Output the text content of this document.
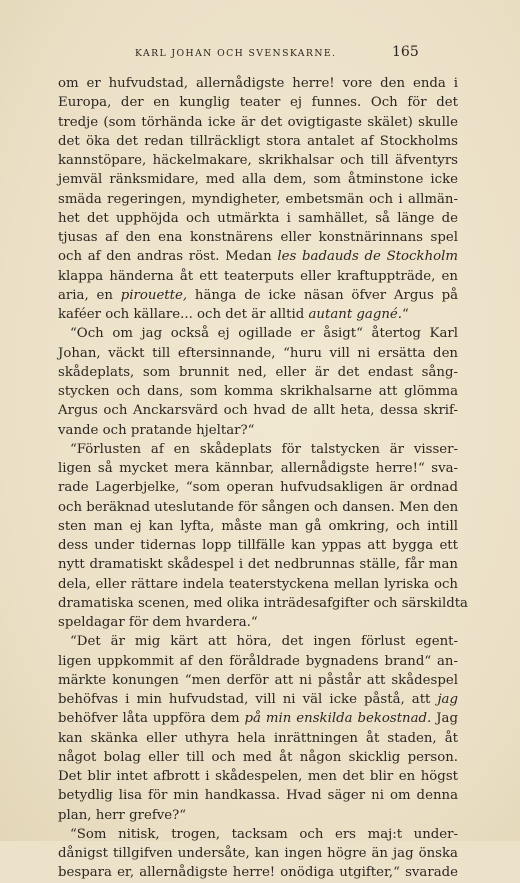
KARL JOHAN OCH SVENSKARNE.	165
om er hufvudstad, allernådigste herre! vore den enda i
Europa, der en kunglig teater ej funnes. Och för det
tredje (som törhända icke är det ovigtigaste skälet) skulle
det öka det redan tillräckligt stora antalet af Stockholms
kannstöpare, häckelmakare, skrikhalsar och till äfventyrs
jemväl ränksmidare, med alla dem, som åtminstone icke
smäda regeringen, myndigheter, embetsmän och i allmän-
het det upphöjda och utmärkta i samhället, så länge de
tjusas af den ena konstnärens eller konstnärinnans spel
och af den andras röst. Medan les badauds de Stockholm
klappa händerna åt ett teaterputs eller kraftuppträde, en
aria, en pirouette, hänga de icke näsan öfver Argus på
kaféer och källare... och det är alltid autant gagné.“
“Och om jag också ej ogillade er åsigt“ återtog Karl
Johan, väckt till eftersinnande, “huru vill ni ersätta den
skådeplats, som brunnit ned, eller är det endast sång-
stycken och dans, som komma skrikhalsarne att glömma
Argus och Anckarsvärd och hvad de allt heta, dessa skrif-
vande och pratande hjeltar?“
“Förlusten af en skådeplats för talstycken är visser-
ligen så mycket mera kännbar, allernådigste herre!“ sva-
rade Lagerbjelke, “som operan hufvudsakligen är ordnad
och beräknad uteslutande för sången och dansen. Men den
sten man ej kan lyfta, måste man gå omkring, och intill
dess under tidernas lopp tillfälle kan yppas att bygga ett
nytt dramatiskt skådespel i det nedbrunnas ställe, får man
dela, eller rättare indela teaterstyckena mellan lyriska och
dramatiska scenen, med olika inträdesafgifter och särskildta
speldagar för dem hvardera.“
“Det är mig kärt att höra, det ingen förlust egent-
ligen uppkommit af den föråldrade bygnadens brand“ an-
märkte konungen “men derför att ni påstår att skådespel
behöfvas i min hufvudstad, vill ni väl icke påstå, att jag
behöfver låta uppföra dem på min enskilda bekostnad. Jag
kan skänka eller uthyra hela inrättningen åt staden, åt
något bolag eller till och med åt någon skicklig person.
Det blir intet afbrott i skådespelen, men det blir en högst
betydlig lisa för min handkassa. Hvad säger ni om denna
plan, herr grefve?“
“Som nitisk, trogen, tacksam och ers maj:t under-
dånigst tillgifven undersåte, kan ingen högre än jag önska
bespara er, allernådigste herre! onödiga utgifter,“ svarade
